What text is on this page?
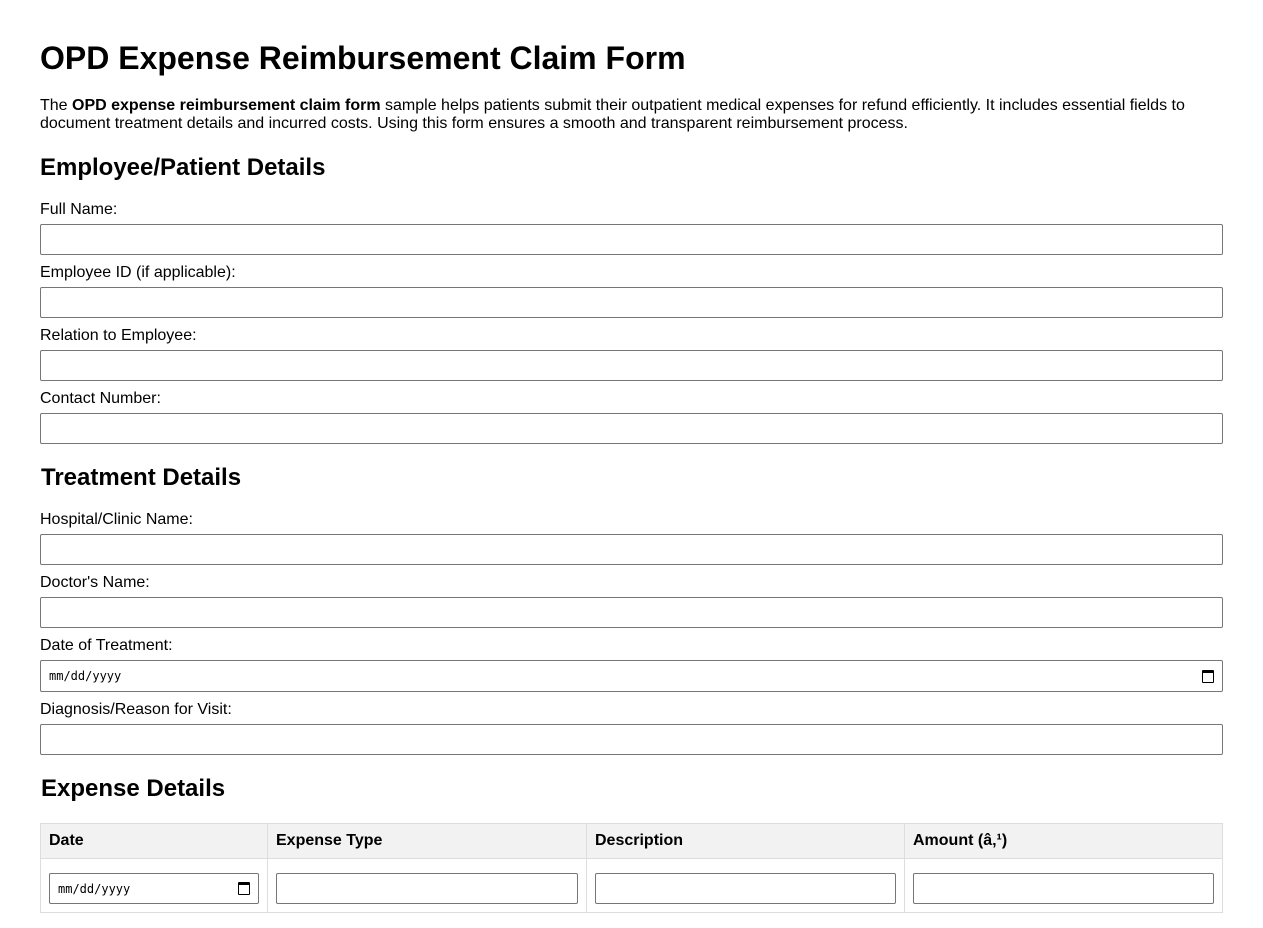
OPD Expense Reimbursement Claim Form

The OPD expense reimbursement claim form sample helps patients submit their outpatient medical expenses for refund efficiently. It includes essential fields to document treatment details and incurred costs. Using this form ensures a smooth and transparent reimbursement process.

Employee/Patient Details
Full Name:
Employee ID (if applicable):
Relation to Employee:
Contact Number:
Treatment Details
Hospital/Clinic Name:
Doctor's Name:
Date of Treatment:
mm/dd/yyyy
Diagnosis/Reason for Visit:
Expense Details
Date	Expense Type	Description	Amount (â‚¹)

mm/dd/yyyy
